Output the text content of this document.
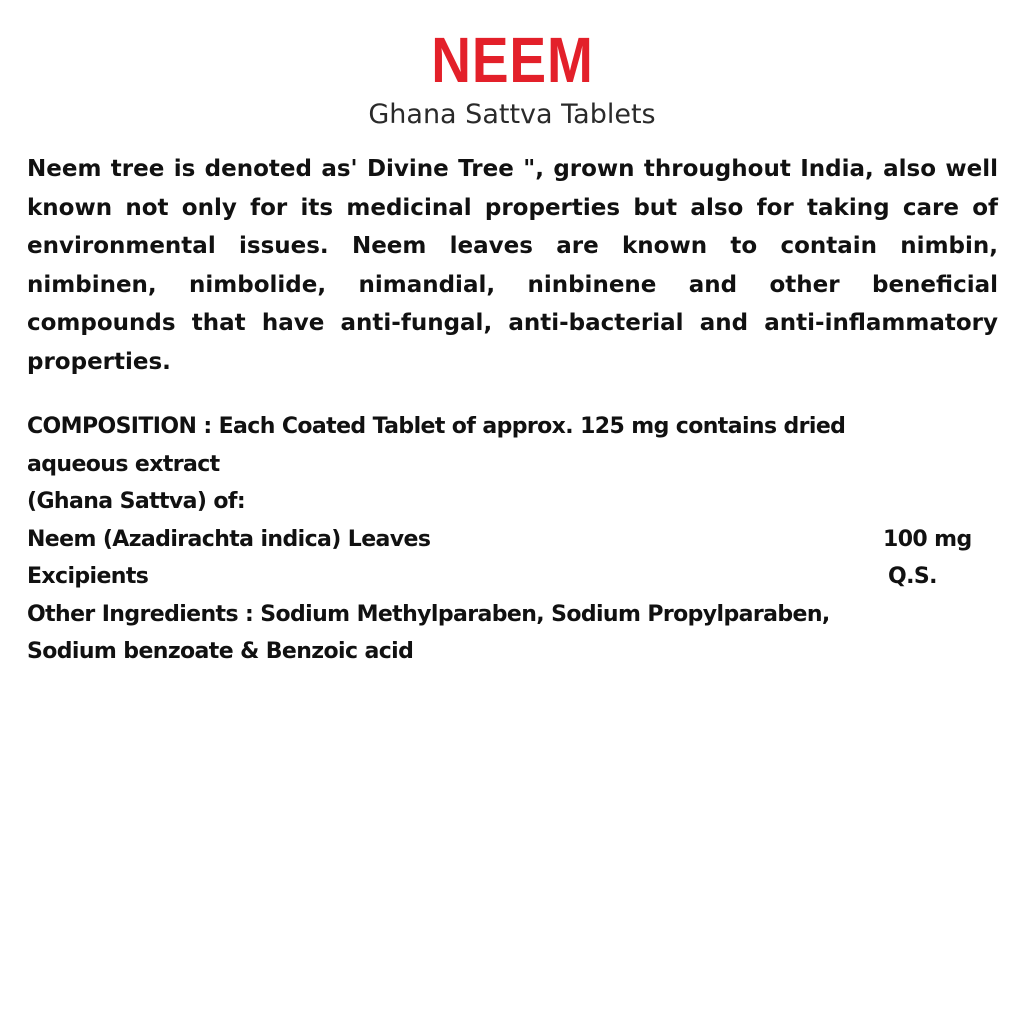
NEEM
Ghana Sattva Tablets

Neem tree is denoted as' Divine Tree ", grown throughout India, also well known not only for its medicinal properties but also for taking care of environmental issues. Neem leaves are known to contain nimbin, nimbinen, nimbolide, nimandial, ninbinene and other beneficial compounds that have anti-fungal, anti-bacterial and anti-inflammatory properties.

COMPOSITION : Each Coated Tablet of approx. 125 mg contains dried
aqueous extract
(Ghana Sattva) of:
Neem (Azadirachta indica) Leaves	100 mg
Excipients	Q.S.
Other Ingredients : Sodium Methylparaben, Sodium Propylparaben,
Sodium benzoate & Benzoic acid
